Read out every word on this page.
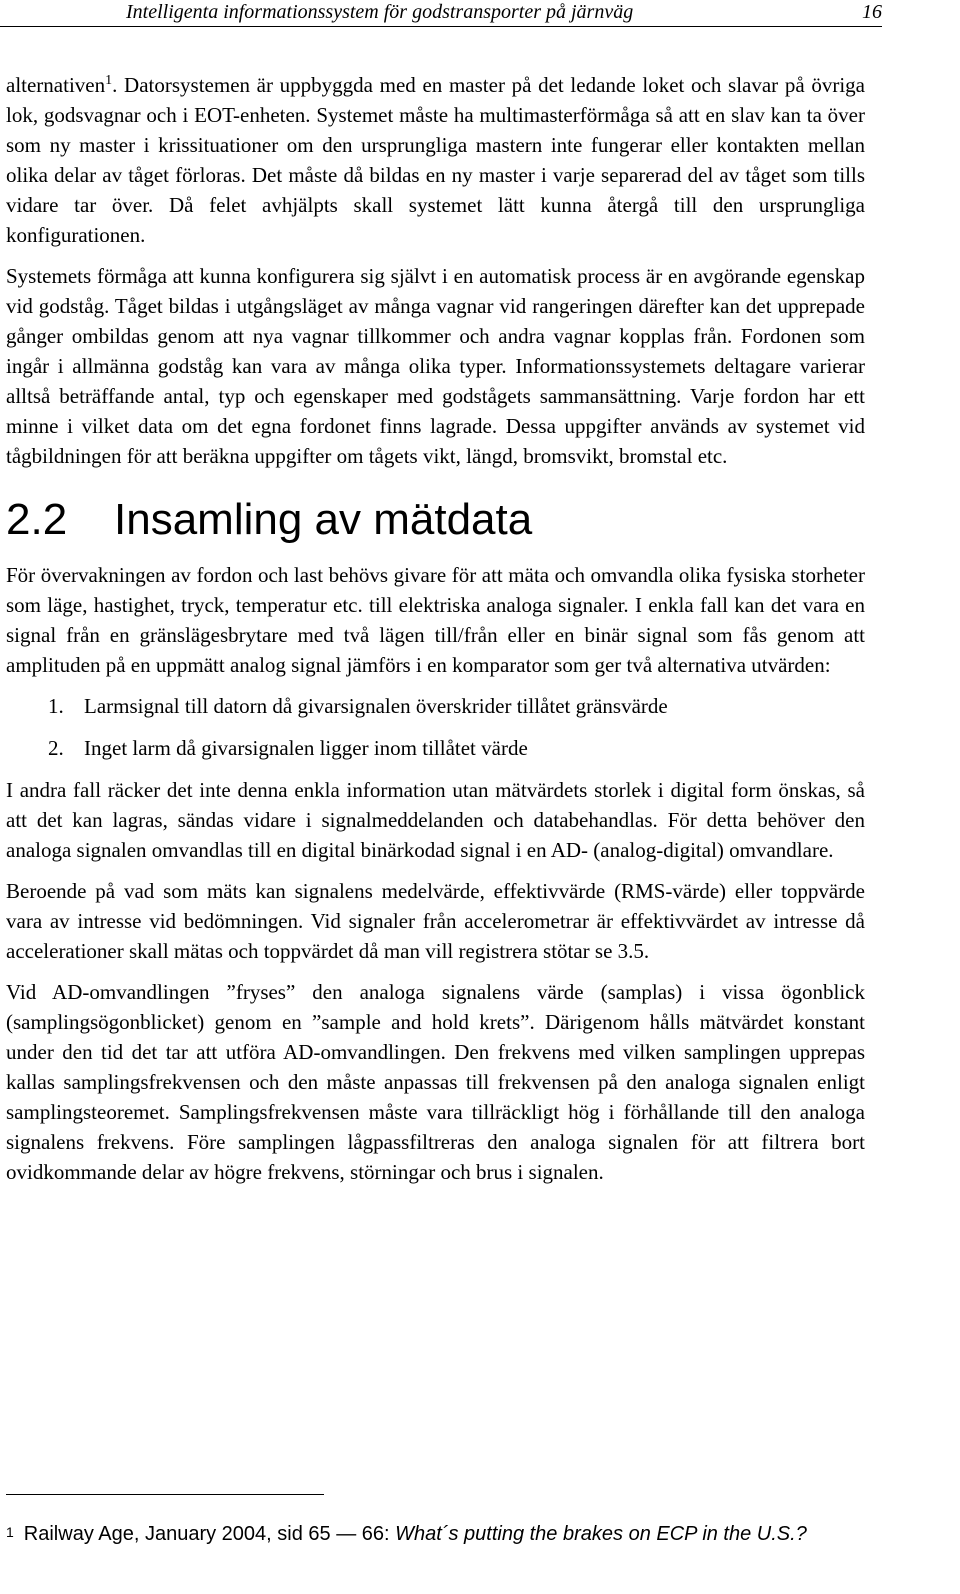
Intelligenta informationssystem för godstransporter på järnväg	16

alternativen$^1$. Datorsystemen är uppbyggda med en master på det ledande loket och slavar på övriga lok, godsvagnar och i EOT-enheten. Systemet måste ha multimasterförmåga så att en slav kan ta över som ny master i krissituationer om den ursprungliga mastern inte fungerar eller kontakten mellan olika delar av tåget förloras. Det måste då bildas en ny master i varje separerad del av tåget som tills vidare tar över. Då felet avhjälpts skall systemet lätt kunna återgå till den ursprungliga konfigurationen.

Systemets förmåga att kunna konfigurera sig självt i en automatisk process är en avgörande egenskap vid godståg. Tåget bildas i utgångsläget av många vagnar vid rangeringen därefter kan det upprepade gånger ombildas genom att nya vagnar tillkommer och andra vagnar kopplas från. Fordonen som ingår i allmänna godståg kan vara av många olika typer. Informationssystemets deltagare varierar alltså beträffande antal, typ och egenskaper med godstågets sammansättning. Varje fordon har ett minne i vilket data om det egna fordonet finns lagrade. Dessa uppgifter används av systemet vid tågbildningen för att beräkna uppgifter om tågets vikt, längd, bromsvikt, bromstal etc.

2.2 Insamling av mätdata

För övervakningen av fordon och last behövs givare för att mäta och omvandla olika fysiska storheter som läge, hastighet, tryck, temperatur etc. till elektriska analoga signaler. I enkla fall kan det vara en signal från en gränslägesbrytare med två lägen till/från eller en binär signal som fås genom att amplituden på en uppmätt analog signal jämförs i en komparator som ger två alternativa utvärden:

1. Larmsignal till datorn då givarsignalen överskrider tillåtet gränsvärde
2. Inget larm då givarsignalen ligger inom tillåtet värde

I andra fall räcker det inte denna enkla information utan mätvärdets storlek i digital form önskas, så att det kan lagras, sändas vidare i signalmeddelanden och databehandlas. För detta behöver den analoga signalen omvandlas till en digital binärkodad signal i en AD- (analog-digital) omvandlare.

Beroende på vad som mäts kan signalens medelvärde, effektivvärde (RMS-värde) eller toppvärde vara av intresse vid bedömningen. Vid signaler från accelerometrar är effektivvärdet av intresse då accelerationer skall mätas och toppvärdet då man vill registrera stötar se 3.5.

Vid AD-omvandlingen ”fryses” den analoga signalens värde (samplas) i vissa ögonblick (samplingsögonblicket) genom en ”sample and hold krets”. Därigenom hålls mätvärdet konstant under den tid det tar att utföra AD-omvandlingen. Den frekvens med vilken samplingen upprepas kallas samplingsfrekvensen och den måste anpassas till frekvensen på den analoga signalen enligt samplingsteoremet. Samplingsfrekvensen måste vara tillräckligt hög i förhållande till den analoga signalens frekvens. Före samplingen lågpassfiltreras den analoga signalen för att filtrera bort ovidkommande delar av högre frekvens, störningar och brus i signalen.

$^1$ Railway Age, January 2004, sid 65 — 66: What´s putting the brakes on ECP in the U.S.?
